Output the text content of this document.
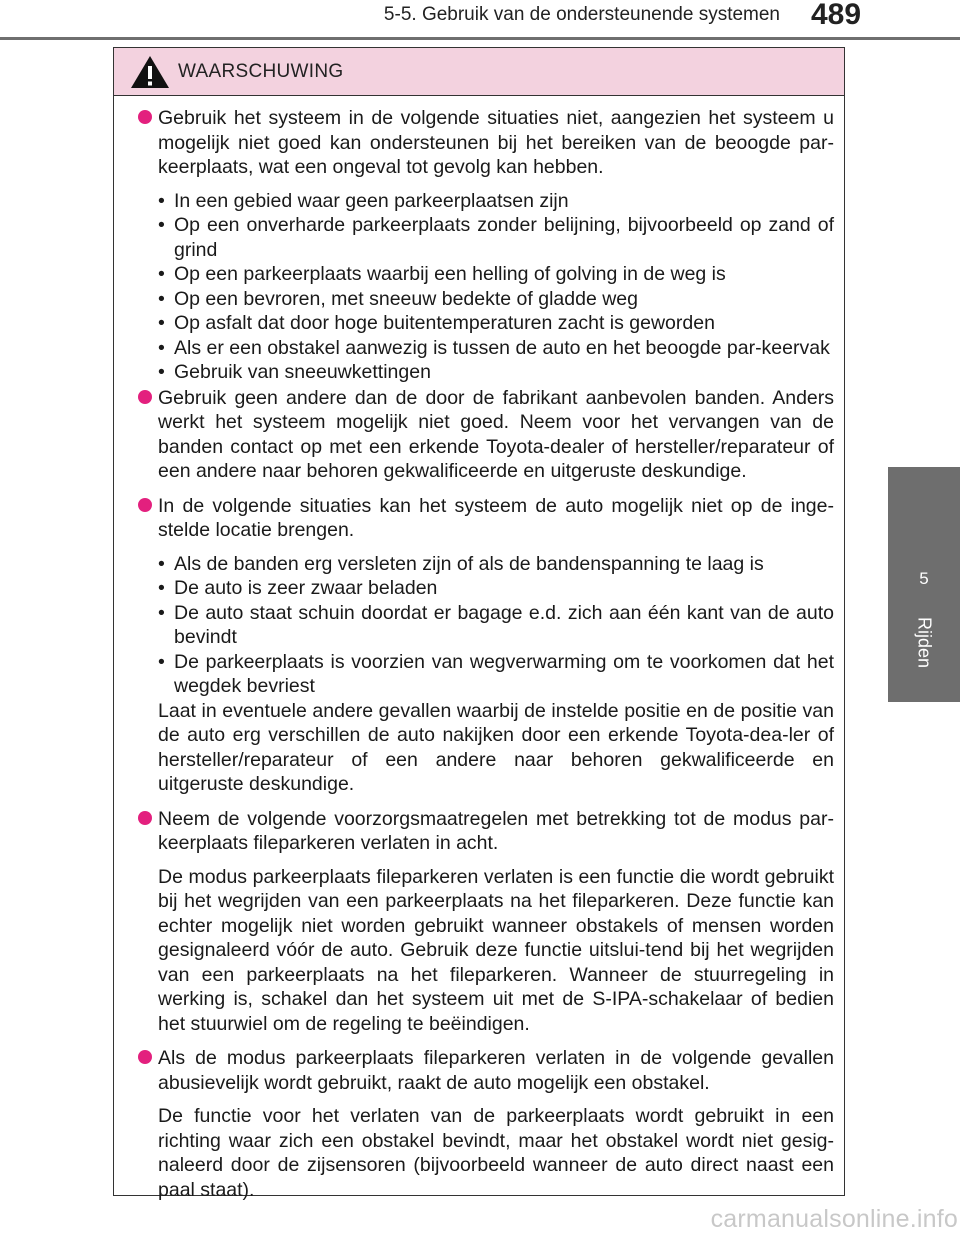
5-5. Gebruik van de ondersteunende systemen	489
5
Rijden
WAARSCHUWING
Gebruik het systeem in de volgende situaties niet, aangezien het systeem u mogelijk niet goed kan ondersteunen bij het bereiken van de beoogde par-keerplaats, wat een ongeval tot gevolg kan hebben.
• In een gebied waar geen parkeerplaatsen zijn
• Op een onverharde parkeerplaats zonder belijning, bijvoorbeeld op zand of grind
• Op een parkeerplaats waarbij een helling of golving in de weg is
• Op een bevroren, met sneeuw bedekte of gladde weg
• Op asfalt dat door hoge buitentemperaturen zacht is geworden
• Als er een obstakel aanwezig is tussen de auto en het beoogde par-keervak
• Gebruik van sneeuwkettingen
Gebruik geen andere dan de door de fabrikant aanbevolen banden. Anders werkt het systeem mogelijk niet goed. Neem voor het vervangen van de banden contact op met een erkende Toyota-dealer of hersteller/reparateur of een andere naar behoren gekwalificeerde en uitgeruste deskundige.
In de volgende situaties kan het systeem de auto mogelijk niet op de inge-stelde locatie brengen.
• Als de banden erg versleten zijn of als de bandenspanning te laag is
• De auto is zeer zwaar beladen
• De auto staat schuin doordat er bagage e.d. zich aan één kant van de auto bevindt
• De parkeerplaats is voorzien van wegverwarming om te voorkomen dat het wegdek bevriest
Laat in eventuele andere gevallen waarbij de instelde positie en de positie van de auto erg verschillen de auto nakijken door een erkende Toyota-dea-ler of hersteller/reparateur of een andere naar behoren gekwalificeerde en uitgeruste deskundige.
Neem de volgende voorzorgsmaatregelen met betrekking tot de modus par-keerplaats fileparkeren verlaten in acht.
De modus parkeerplaats fileparkeren verlaten is een functie die wordt gebruikt bij het wegrijden van een parkeerplaats na het fileparkeren. Deze functie kan echter mogelijk niet worden gebruikt wanneer obstakels of mensen worden gesignaleerd vóór de auto. Gebruik deze functie uitslui-tend bij het wegrijden van een parkeerplaats na het fileparkeren. Wanneer de stuurregeling in werking is, schakel dan het systeem uit met de S-IPA-schakelaar of bedien het stuurwiel om de regeling te beëindigen.
Als de modus parkeerplaats fileparkeren verlaten in de volgende gevallen abusievelijk wordt gebruikt, raakt de auto mogelijk een obstakel.
De functie voor het verlaten van de parkeerplaats wordt gebruikt in een richting waar zich een obstakel bevindt, maar het obstakel wordt niet gesig-naleerd door de zijsensoren (bijvoorbeeld wanneer de auto direct naast een paal staat).
carmanualsonline.info
